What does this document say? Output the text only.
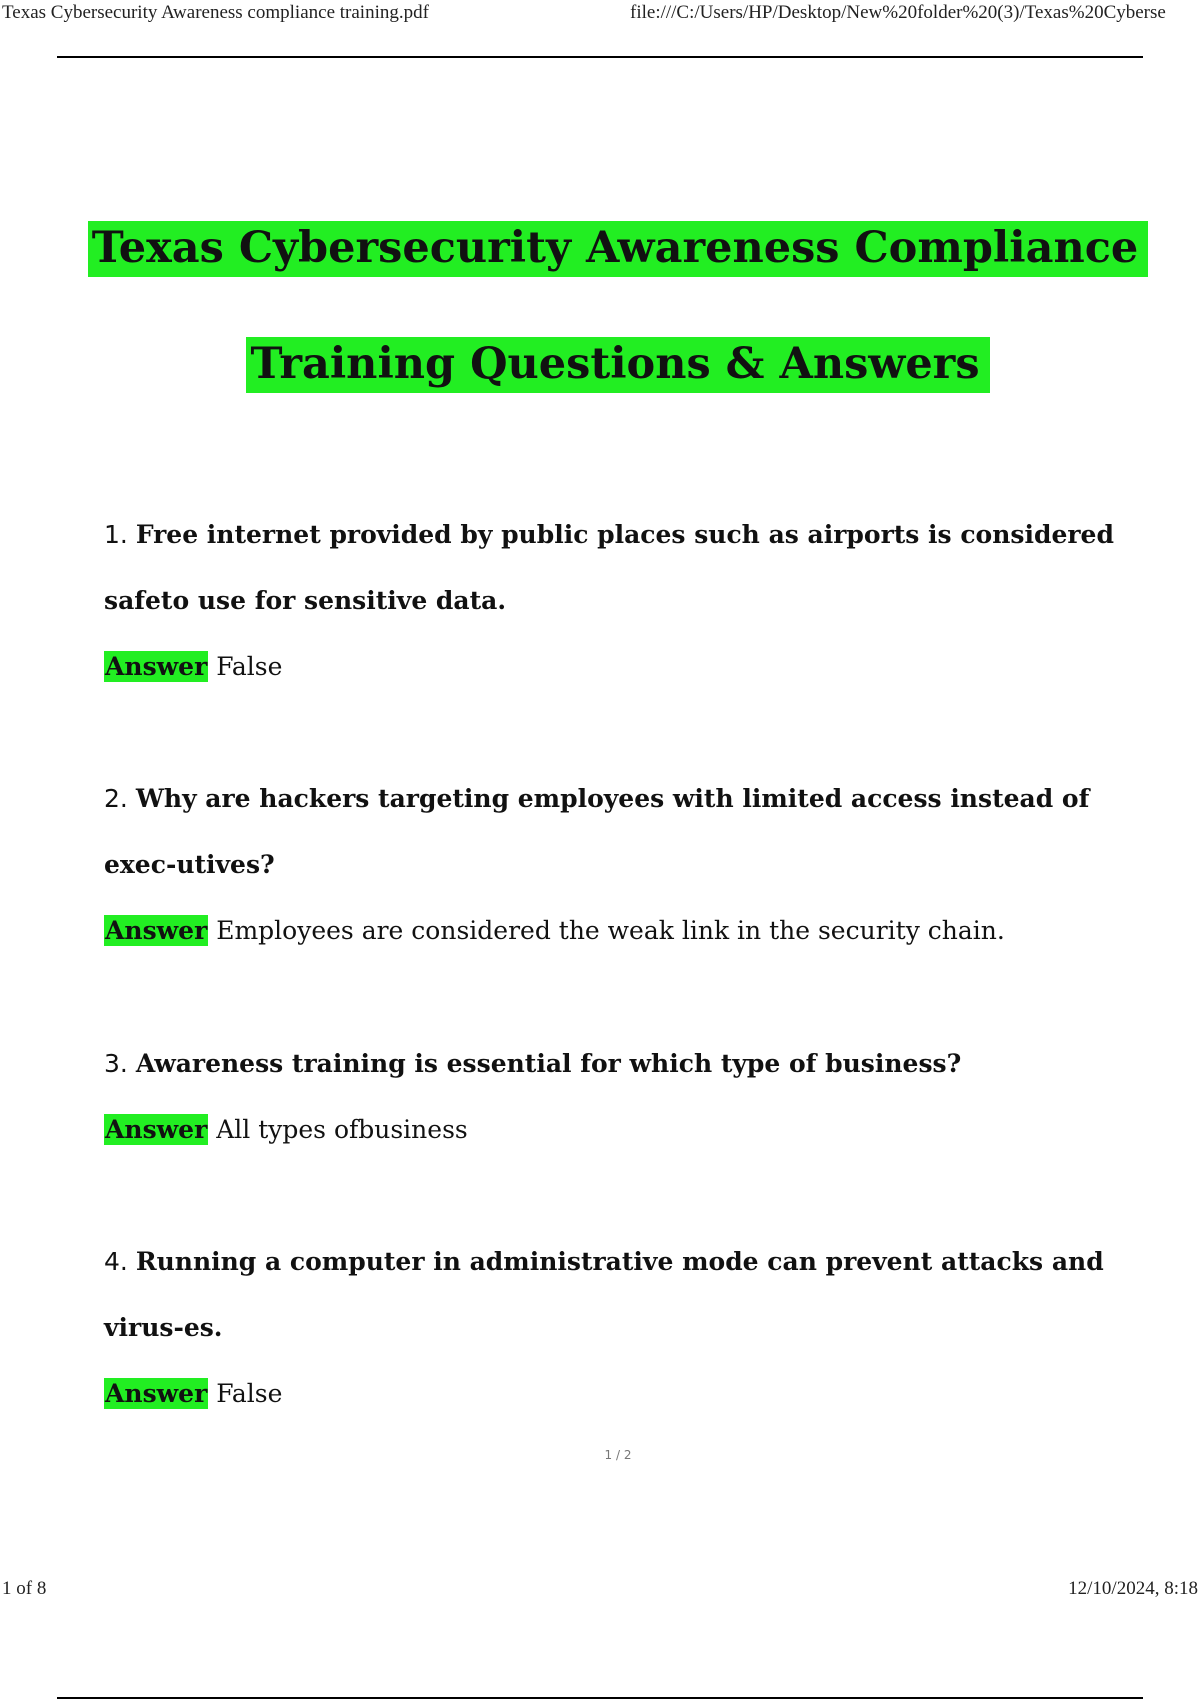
Texas Cybersecurity Awareness compliance training.pdf	file:///C:/Users/HP/Desktop/New%20folder%20(3)/Texas%20Cyberse
Texas Cybersecurity Awareness Compliance
Training Questions & Answers

1. Free internet provided by public places such as airports is considered safeto use for sensitive data.

Answer False

2. Why are hackers targeting employees with limited access instead of exec-utives?

Answer Employees are considered the weak link in the security chain.

3. Awareness training is essential for which type of business?

Answer All types ofbusiness

4. Running a computer in administrative mode can prevent attacks and virus-es.

Answer False

1 / 2
1 of 8	12/10/2024, 8:18
